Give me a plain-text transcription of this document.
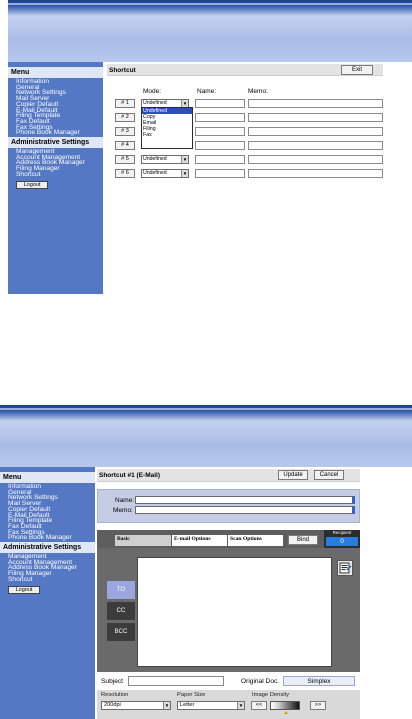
Menu
Information
General
Network Settings
Mail Server
Copier Default
E-Mail Default
Filing Template
Fax Default
Fax Settings
Phone Book Manager
Administrative Settings
Management
Account Management
Address Book Manager
Filing Manager
Shortcut
Logout
Shortcut	Exit
Mode:	Name:	Memo:
# 1	Undefined	▼
# 2
# 3
# 4
# 5	Undefined	▼
# 6	Undefined	▼
Undefined
Copy
Email
Filing
Fax
Menu
Information
General
Network Settings
Mail Server
Copier Default
E-Mail Default
Filing Template
Fax Default
Fax Settings
Phone Book Manager
Administrative Settings
Management
Account Management
Address Book Manager
Filing Manager
Shortcut
Logout
Shortcut #1 (E-Mail)	Update	Cancel
Name:
Memo:
Basic	E-mail Options	Scan Options	Bind
Recipient
0
TO
CC
BCC
Subject	Original Doc.	Simplex
Resolution
200dpi	▼
Paper Size
Letter	▼
Image Density
<<	>>
